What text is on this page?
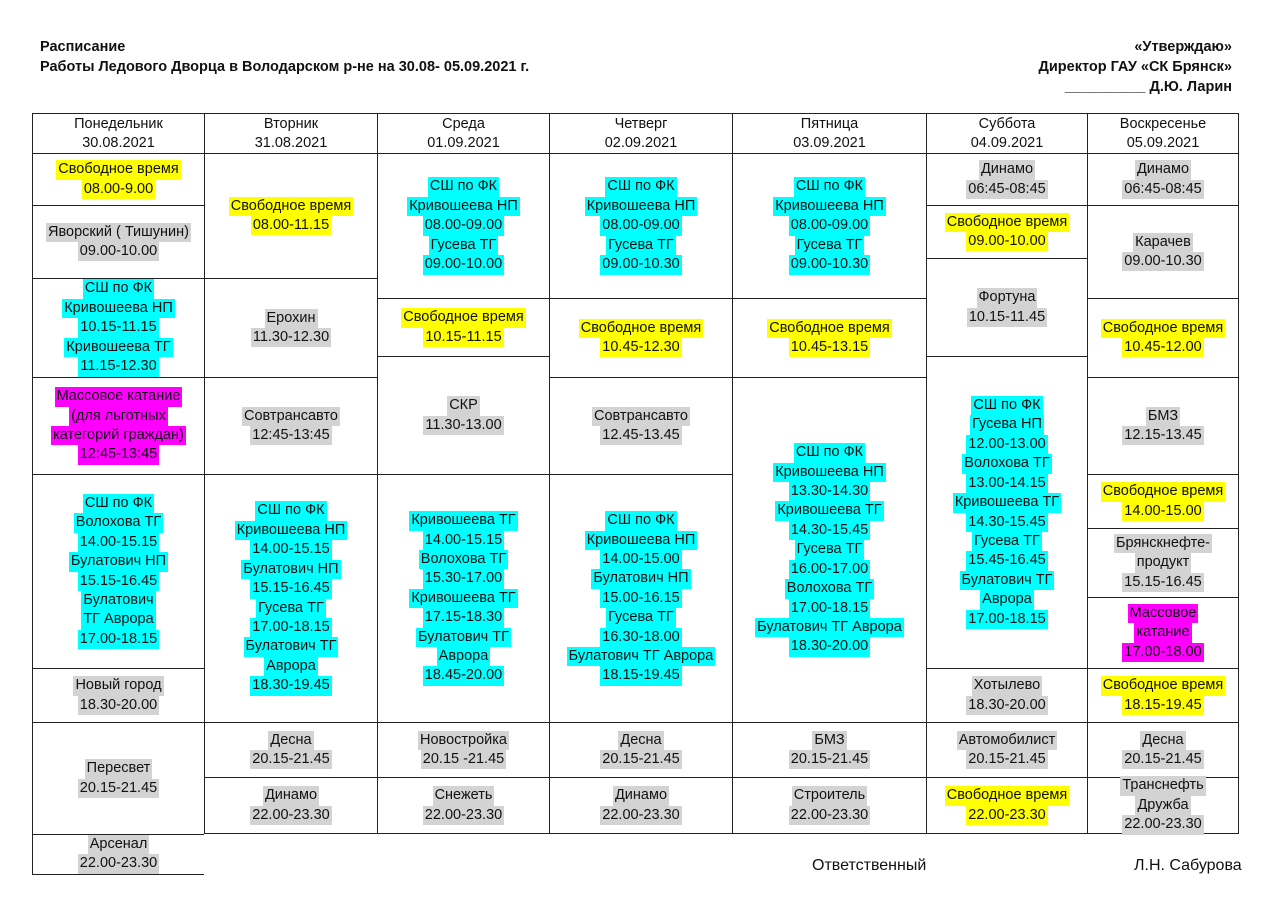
Расписание
Работы Ледового Дворца в Володарском р-не на 30.08- 05.09.2021 г.
«Утверждаю»
Директор ГАУ «СК Брянск»
__________ Д.Ю. Ларин
Понедельник
30.08.2021
Свободное время
08.00-9.00
Яворский ( Тишунин)
09.00-10.00
СШ по ФК
Кривошеева НП
10.15-11.15
Кривошеева ТГ
11.15-12.30
Массовое катание
(для льготных
категорий граждан)
12:45-13:45
СШ по ФК
Волохова ТГ
14.00-15.15
Булатович НП
15.15-16.45
Булатович
ТГ Аврора
17.00-18.15
Новый город
18.30-20.00
Пересвет
20.15-21.45
Арсенал
22.00-23.30
Вторник
31.08.2021
Свободное время
08.00-11.15
Ерохин
11.30-12.30
Совтрансавто
12:45-13:45
СШ по ФК
Кривошеева НП
14.00-15.15
Булатович НП
15.15-16.45
Гусева ТГ
17.00-18.15
Булатович ТГ
Аврора
18.30-19.45
Десна
20.15-21.45
Динамо
22.00-23.30
Среда
01.09.2021
СШ по ФК
Кривошеева НП
08.00-09.00
Гусева ТГ
09.00-10.00
Свободное время
10.15-11.15
СКР
11.30-13.00
Кривошеева ТГ
14.00-15.15
Волохова ТГ
15.30-17.00
Кривошеева ТГ
17.15-18.30
Булатович ТГ
Аврора
18.45-20.00
Новостройка
20.15 -21.45
Снежеть
22.00-23.30
Четверг
02.09.2021
СШ по ФК
Кривошеева НП
08.00-09.00
Гусева ТГ
09.00-10.30
Свободное время
10.45-12.30
Совтрансавто
12.45-13.45
СШ по ФК
Кривошеева НП
14.00-15.00
Булатович НП
15.00-16.15
Гусева ТГ
16.30-18.00
Булатович ТГ Аврора
18.15-19.45
Десна
20.15-21.45
Динамо
22.00-23.30
Пятница
03.09.2021
СШ по ФК
Кривошеева НП
08.00-09.00
Гусева ТГ
09.00-10.30
Свободное время
10.45-13.15
СШ по ФК
Кривошеева НП
13.30-14.30
Кривошеева ТГ
14.30-15.45
Гусева ТГ
16.00-17.00
Волохова ТГ
17.00-18.15
Булатович ТГ Аврора
18.30-20.00
БМЗ
20.15-21.45
Строитель
22.00-23.30
Суббота
04.09.2021
Динамо
06:45-08:45
Свободное время
09.00-10.00
Фортуна
10.15-11.45
СШ по ФК
Гусева НП
12.00-13.00
Волохова ТГ
13.00-14.15
Кривошеева ТГ
14.30-15.45
Гусева ТГ
15.45-16.45
Булатович ТГ
Аврора
17.00-18.15
Хотылево
18.30-20.00
Автомобилист
20.15-21.45
Свободное время
22.00-23.30
Воскресенье
05.09.2021
Динамо
06:45-08:45
Карачев
09.00-10.30
Свободное время
10.45-12.00
БМЗ
12.15-13.45
Свободное время
14.00-15.00
Брянскнефте-
продукт
15.15-16.45
Массовое
катание
17.00-18.00
Свободное время
18.15-19.45
Десна
20.15-21.45
Транснефть
Дружба
22.00-23.30
Ответственный	Л.Н. Сабурова
